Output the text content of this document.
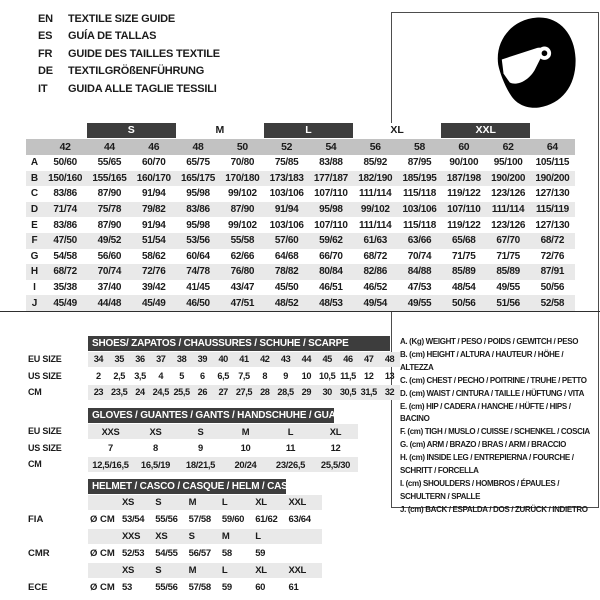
EN	TEXTILE SIZE GUIDE
ES	GUÍA DE TALLAS
FR	GUIDE DES TAILLES TEXTILE
DE	TEXTILGRÖßENFÜHRUNG
IT	GUIDA ALLE TAGLIE TESSILI
S	M	L	XL	XXL
42	44	46	48	50	52	54	56	58	60	62	64
A	50/60	55/65	60/70	65/75	70/80	75/85	83/88	85/92	87/95	90/100	95/100	105/115
B	150/160	155/165	160/170	165/175	170/180	173/183	177/187	182/190	185/195	187/198	190/200	190/200
C	83/86	87/90	91/94	95/98	99/102	103/106	107/110	111/114	115/118	119/122	123/126	127/130
D	71/74	75/78	79/82	83/86	87/90	91/94	95/98	99/102	103/106	107/110	111/114	115/119
E	83/86	87/90	91/94	95/98	99/102	103/106	107/110	111/114	115/118	119/122	123/126	127/130
F	47/50	49/52	51/54	53/56	55/58	57/60	59/62	61/63	63/66	65/68	67/70	68/72
G	54/58	56/60	58/62	60/64	62/66	64/68	66/70	68/72	70/74	71/75	71/75	72/76
H	68/72	70/74	72/76	74/78	76/80	78/82	80/84	82/86	84/88	85/89	85/89	87/91
I	35/38	37/40	39/42	41/45	43/47	45/50	46/51	46/52	47/53	48/54	49/55	50/56
J	45/49	44/48	45/49	46/50	47/51	48/52	48/53	49/54	49/55	50/56	51/56	52/58
SHOES/ ZAPATOS / CHAUSSURES / SCHUHE / SCARPE
EU SIZE	34	35	36	37	38	39	40	41	42	43	44	45	46	47	48
US SIZE	2	2,5	3,5	4	5	6	6,5	7,5	8	9	10 10,5 11,5 12	13
CM	23 23,5 24 24,5 25,5 26	27 27,5 28 28,5 29	30 30,5 31,5 32
GLOVES / GUANTES / GANTS / HANDSCHUHE / GUANTI
EU SIZE	XXS	XS	S	M	L	XL
US SIZE	7	8	9	10	11	12
CM	12,5/16,5	16,5/19	18/21,5	20/24	23/26,5	25,5/30
HELMET / CASCO / CASQUE / HELM / CASCO
XS	S	M	L	XL	XXL
FIA	Ø CM 53/54	55/56	57/58	59/60	61/62	63/64
XXS	XS	S	M	L
CMR	Ø CM 52/53	54/55	56/57	58	59
XS	S	M	L	XL	XXL
ECE	Ø CM 53	55/56	57/58	59	60	61
A. (Kg) WEIGHT / PESO / POIDS / GEWITCH / PESO
B. (cm) HEIGHT / ALTURA / HAUTEUR / HÖHE / ALTEZZA
C. (cm) CHEST / PECHO / POITRINE / TRUHE / PETTO
D. (cm) WAIST / CINTURA / TAILLE / HÜFTUNG / VITA
E. (cm) HIP / CADERA / HANCHE / HÜFTE / HIPS / BACINO
F. (cm) TIGH / MUSLO / CUISSE / SCHENKEL / COSCIA
G. (cm) ARM / BRAZO / BRAS / ARM / BRACCIO
H. (cm) INSIDE LEG / ENTREPIERNA / FOURCHE / SCHRITT / FORCELLA
I. (cm) SHOULDERS / HOMBROS / ÉPAULES / SCHULTERN / SPALLE
J. (cm) BACK / ESPALDA / DOS / ZURÜCK / INDIETRO
